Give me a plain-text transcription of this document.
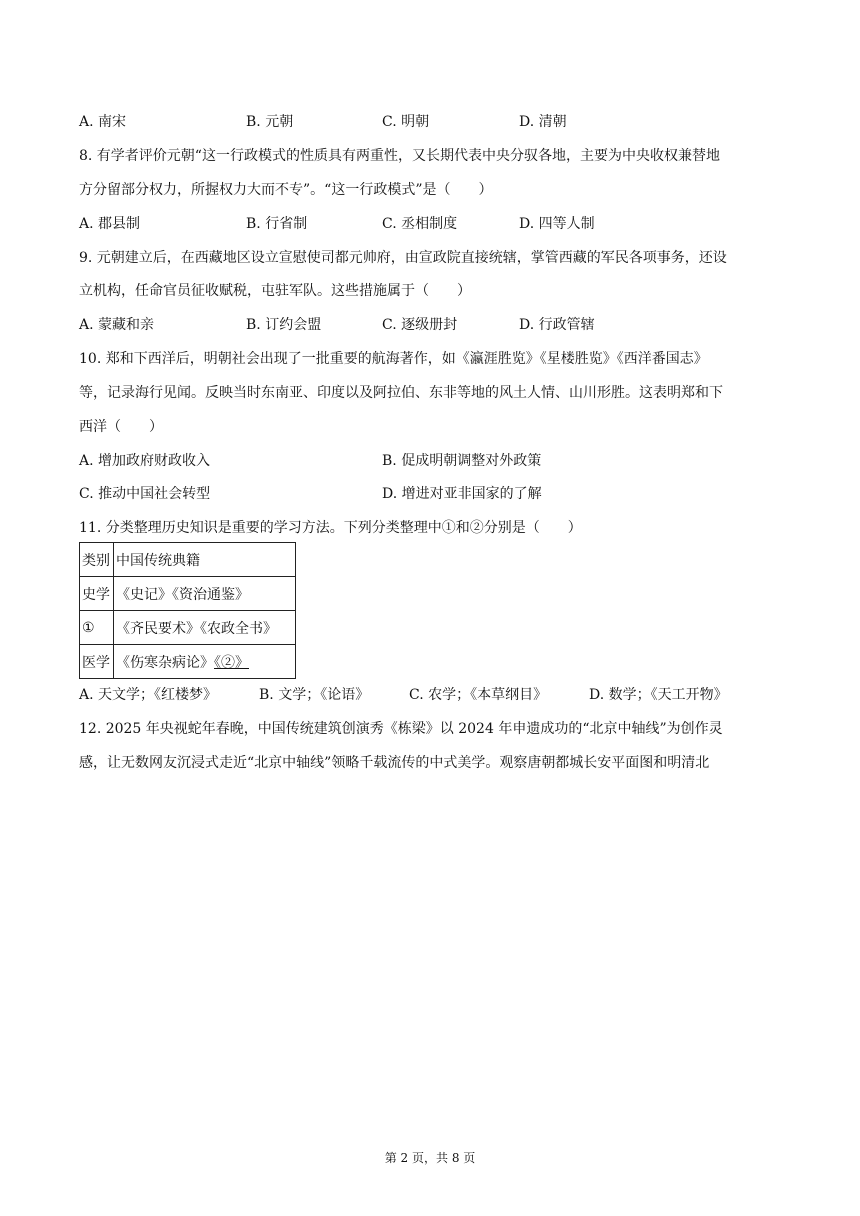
A. 南宋	B. 元朝	C. 明朝	D. 清朝
8. 有学者评价元朝“这一行政模式的性质具有两重性，又长期代表中央分驭各地，主要为中央收权兼替地
方分留部分权力，所握权力大而不专”。“这一行政模式”是（　　）
A. 郡县制	B. 行省制	C. 丞相制度	D. 四等人制
9. 元朝建立后，在西藏地区设立宣慰使司都元帅府，由宣政院直接统辖，掌管西藏的军民各项事务，还设
立机构，任命官员征收赋税，屯驻军队。这些措施属于（　　）
A. 蒙藏和亲	B. 订约会盟	C. 逐级册封	D. 行政管辖
10. 郑和下西洋后，明朝社会出现了一批重要的航海著作，如《瀛涯胜览》《星楼胜览》《西洋番国志》
等，记录海行见闻。反映当时东南亚、印度以及阿拉伯、东非等地的风土人情、山川形胜。这表明郑和下
西洋（　　）
A. 增加政府财政收入	B. 促成明朝调整对外政策
C. 推动中国社会转型	D. 增进对亚非国家的了解
11. 分类整理历史知识是重要的学习方法。下列分类整理中①和②分别是（　　）
类别	中国传统典籍
史学	《史记》《资治通鉴》
①	《齐民要术》《农政全书》
医学	《伤寒杂病论》《②》
A. 天文学；《红楼梦》	B. 文学；《论语》	C. 农学；《本草纲目》	D. 数学；《天工开物》
12. 2025 年央视蛇年春晚，中国传统建筑创演秀《栋梁》以 2024 年申遗成功的“北京中轴线”为创作灵
感，让无数网友沉浸式走近“北京中轴线”领略千载流传的中式美学。观察唐朝都城长安平面图和明清北
第 2 页，共 8 页
